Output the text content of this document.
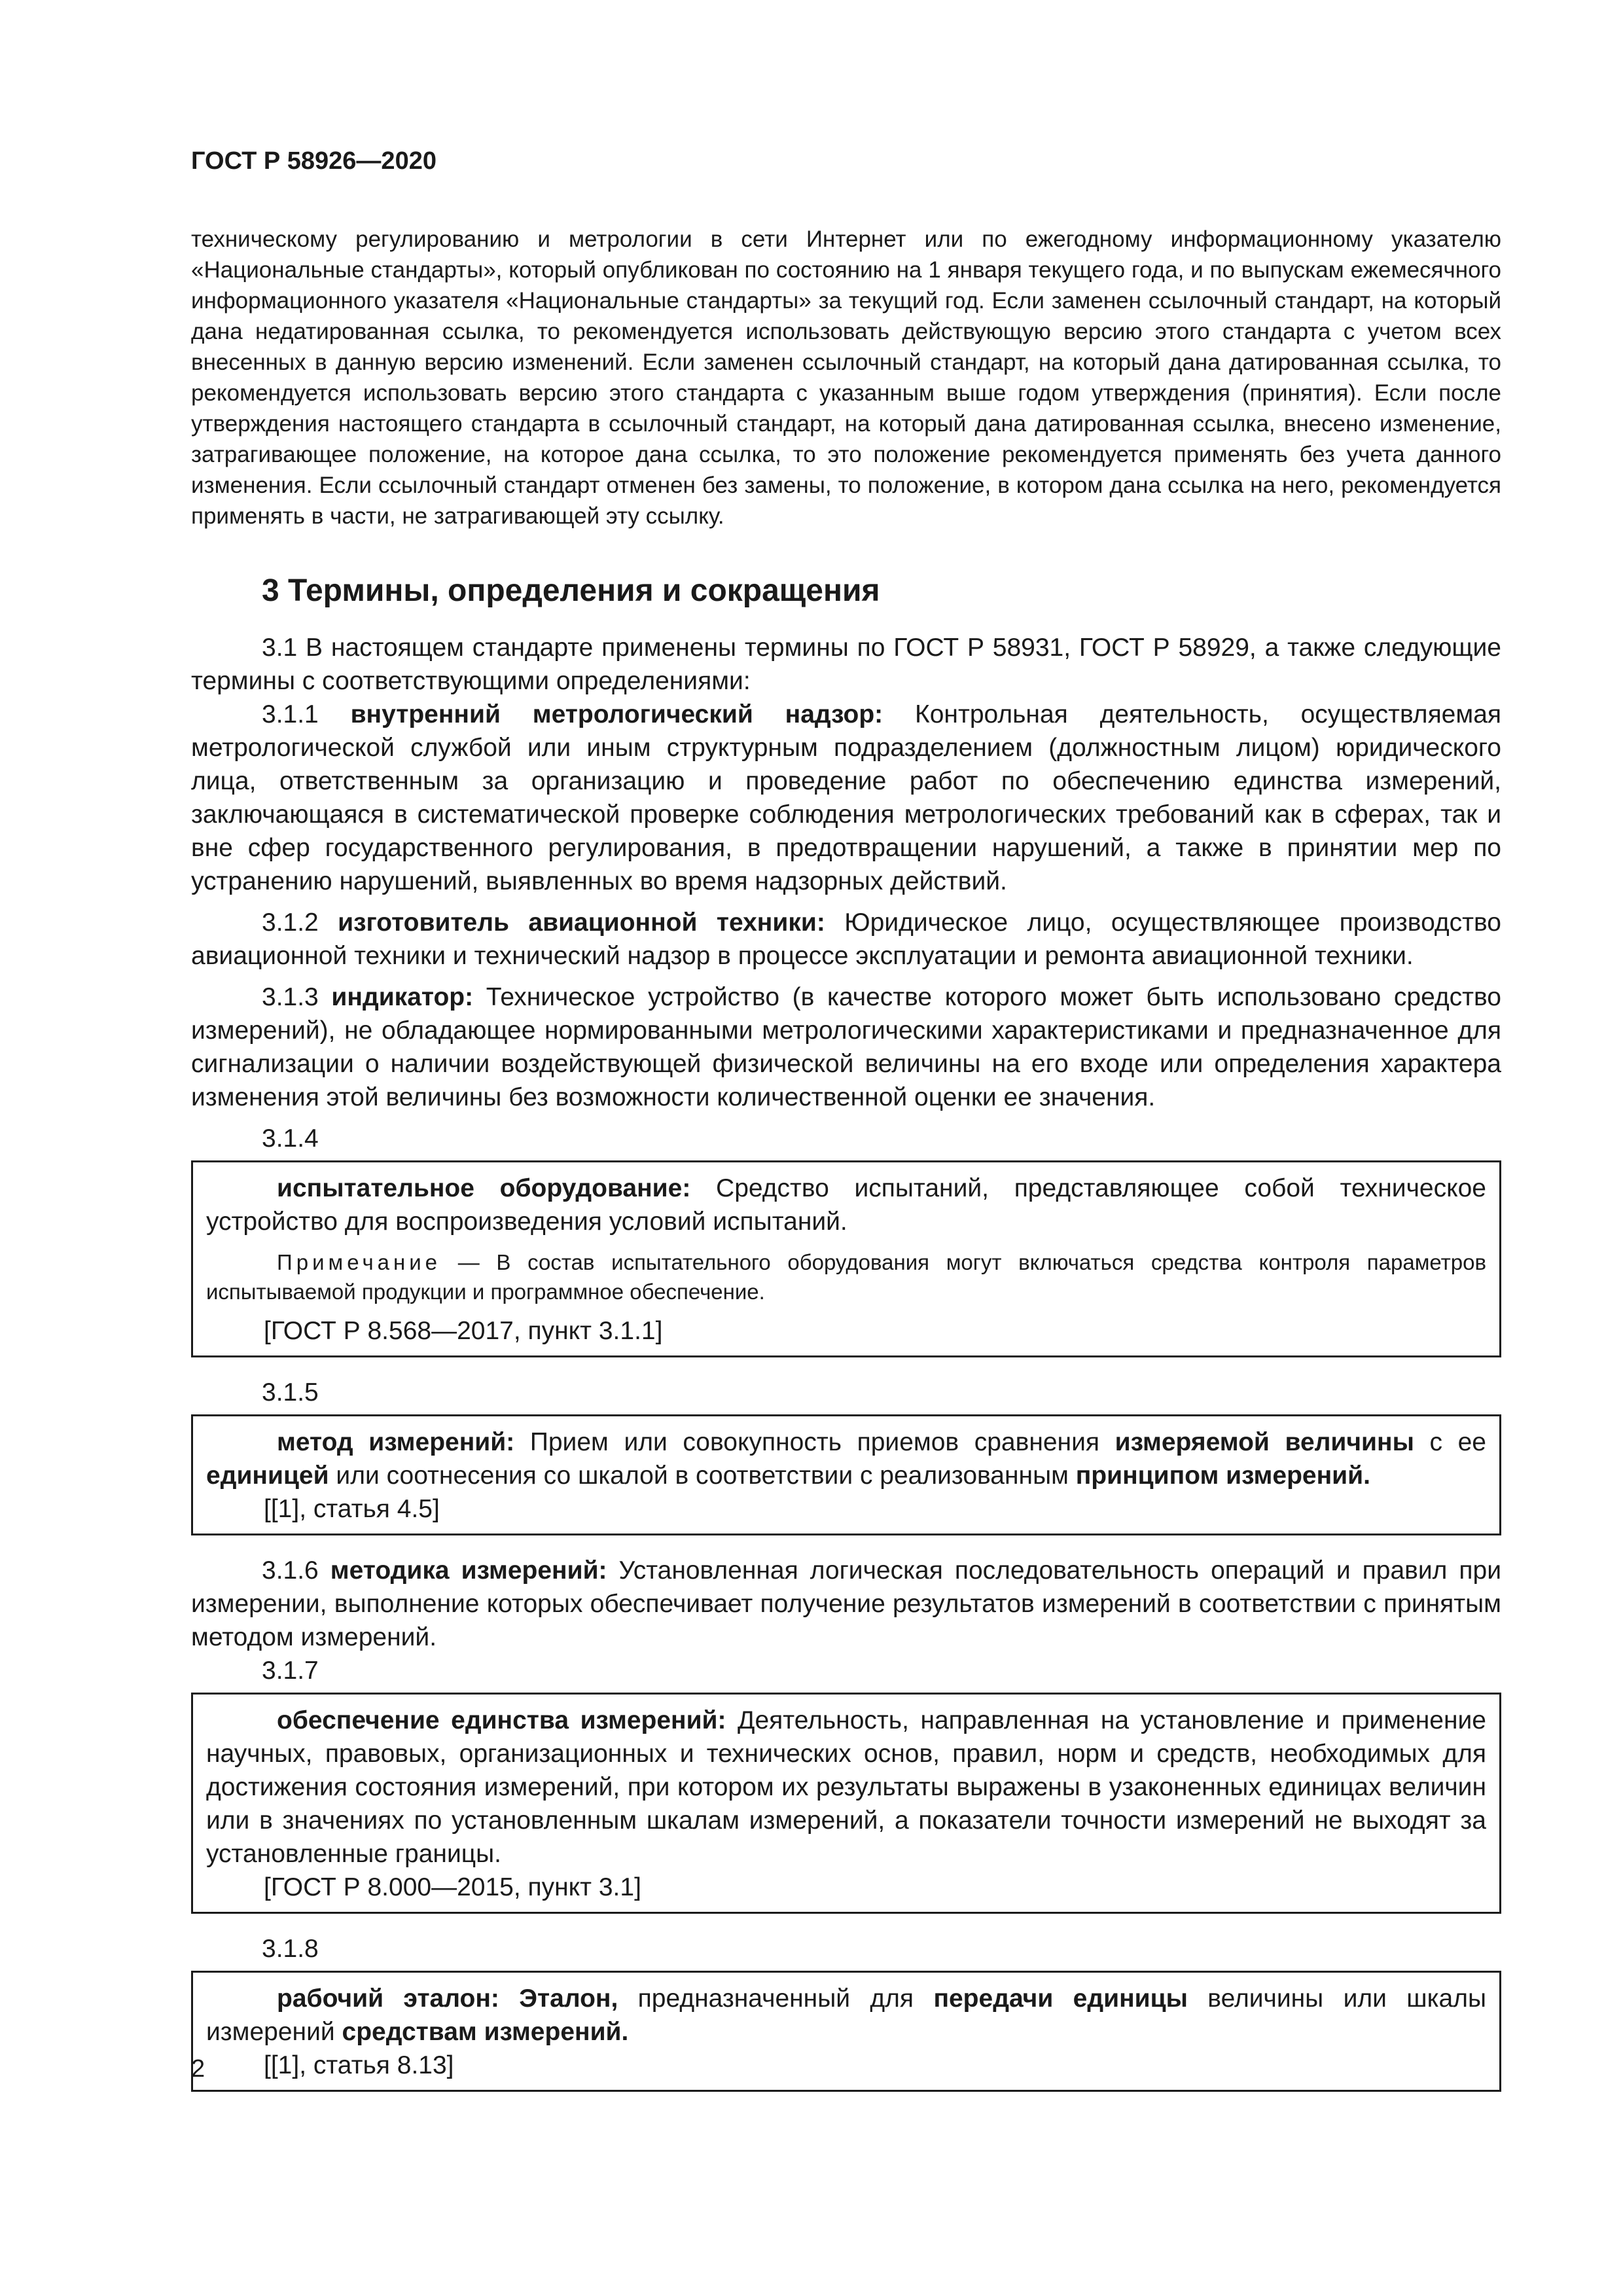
ГОСТ Р 58926—2020

техническому регулированию и метрологии в сети Интернет или по ежегодному информационному указателю «Национальные стандарты», который опубликован по состоянию на 1 января текущего года, и по выпускам ежемесячного информационного указателя «Национальные стандарты» за текущий год. Если заменен ссылочный стандарт, на который дана недатированная ссылка, то рекомендуется использовать действующую версию этого стандарта с учетом всех внесенных в данную версию изменений. Если заменен ссылочный стандарт, на который дана датированная ссылка, то рекомендуется использовать версию этого стандарта с указанным выше годом утверждения (принятия). Если после утверждения настоящего стандарта в ссылочный стандарт, на который дана датированная ссылка, внесено изменение, затрагивающее положение, на которое дана ссылка, то это положение рекомендуется применять без учета данного изменения. Если ссылочный стандарт отменен без замены, то положение, в котором дана ссылка на него, рекомендуется применять в части, не затрагивающей эту ссылку.

3 Термины, определения и сокращения

3.1 В настоящем стандарте применены термины по ГОСТ Р 58931, ГОСТ Р 58929, а также следующие термины с соответствующими определениями:

3.1.1 внутренний метрологический надзор: Контрольная деятельность, осуществляемая метрологической службой или иным структурным подразделением (должностным лицом) юридического лица, ответственным за организацию и проведение работ по обеспечению единства измерений, заключающаяся в систематической проверке соблюдения метрологических требований как в сферах, так и вне сфер государственного регулирования, в предотвращении нарушений, а также в принятии мер по устранению нарушений, выявленных во время надзорных действий.

3.1.2 изготовитель авиационной техники: Юридическое лицо, осуществляющее производство авиационной техники и технический надзор в процессе эксплуатации и ремонта авиационной техники.

3.1.3 индикатор: Техническое устройство (в качестве которого может быть использовано средство измерений), не обладающее нормированными метрологическими характеристиками и предназначенное для сигнализации о наличии воздействующей физической величины на его входе или определения характера изменения этой величины без возможности количественной оценки ее значения.

3.1.4

испытательное оборудование: Средство испытаний, представляющее собой техническое устройство для воспроизведения условий испытаний.

Примечание — В состав испытательного оборудования могут включаться средства контроля параметров испытываемой продукции и программное обеспечение.

[ГОСТ Р 8.568—2017, пункт 3.1.1]

3.1.5

метод измерений: Прием или совокупность приемов сравнения измеряемой величины с ее единицей или соотнесения со шкалой в соответствии с реализованным принципом измерений.

[[1], статья 4.5]

3.1.6 методика измерений: Установленная логическая последовательность операций и правил при измерении, выполнение которых обеспечивает получение результатов измерений в соответствии с принятым методом измерений.

3.1.7

обеспечение единства измерений: Деятельность, направленная на установление и применение научных, правовых, организационных и технических основ, правил, норм и средств, необходимых для достижения состояния измерений, при котором их результаты выражены в узаконенных единицах величин или в значениях по установленным шкалам измерений, а показатели точности измерений не выходят за установленные границы.

[ГОСТ Р 8.000—2015, пункт 3.1]

3.1.8

рабочий эталон: Эталон, предназначенный для передачи единицы величины или шкалы измерений средствам измерений.

[[1], статья 8.13]

2
